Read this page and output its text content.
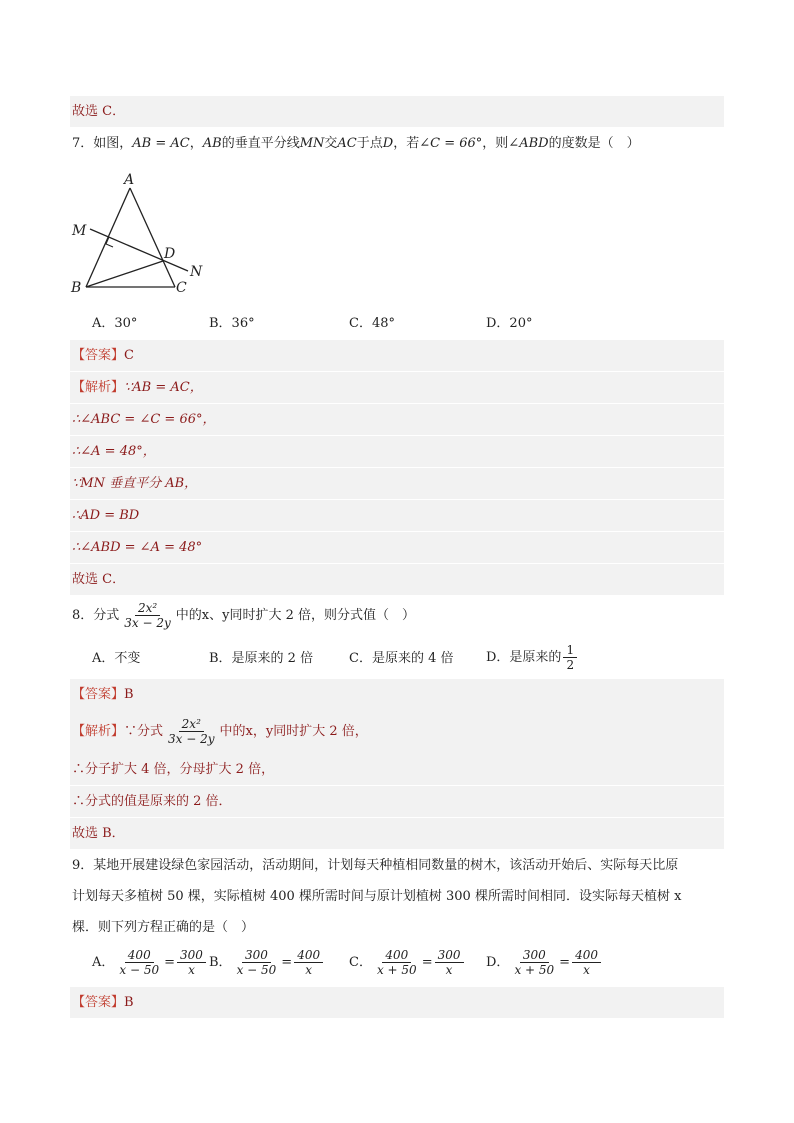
故选 C．
7．如图，AB = AC，AB的垂直平分线MN交AC于点D，若∠C = 66°，则∠ABD的度数是（　）
A
M
D
N
B	C
A．30°	B．36°	C．48°	D．20°
【答案】C
【解析】∵AB = AC，
∴∠ABC = ∠C = 66°，
∴∠A = 48°，
∵MN 垂直平分 AB，
∴AD = BD
∴∠ABD = ∠A = 48°
故选 C．
8．分式 $\frac{\text{2x²}}{3x - 2y}$ 中的x、y同时扩大 2 倍，则分式值（　）
A．不变	B．是原来的 2 倍	C．是原来的 4 倍	D．是原来的 $\frac{1}{2}$
【答案】B
【解析】∵分式 $\frac{\text{2x²}}{3x - 2y}$ 中的x，y同时扩大 2 倍，
∴分子扩大 4 倍，分母扩大 2 倍，
∴分式的值是原来的 2 倍．
故选 B．
9．某地开展建设绿色家园活动，活动期间，计划每天种植相同数量的树木，该活动开始后、实际每天比原
计划每天多植树 50 棵，实际植树 400 棵所需时间与原计划植树 300 棵所需时间相同．设实际每天植树 x
棵．则下列方程正确的是（　）
A． $\frac{400}{x - 50} = \frac{300}{x}$ B． $\frac{300}{x - 50} = \frac{400}{x}$ C． $\frac{400}{x + 50} = \frac{300}{x}$ D． $\frac{300}{x + 50} = \frac{400}{x}$
【答案】B
